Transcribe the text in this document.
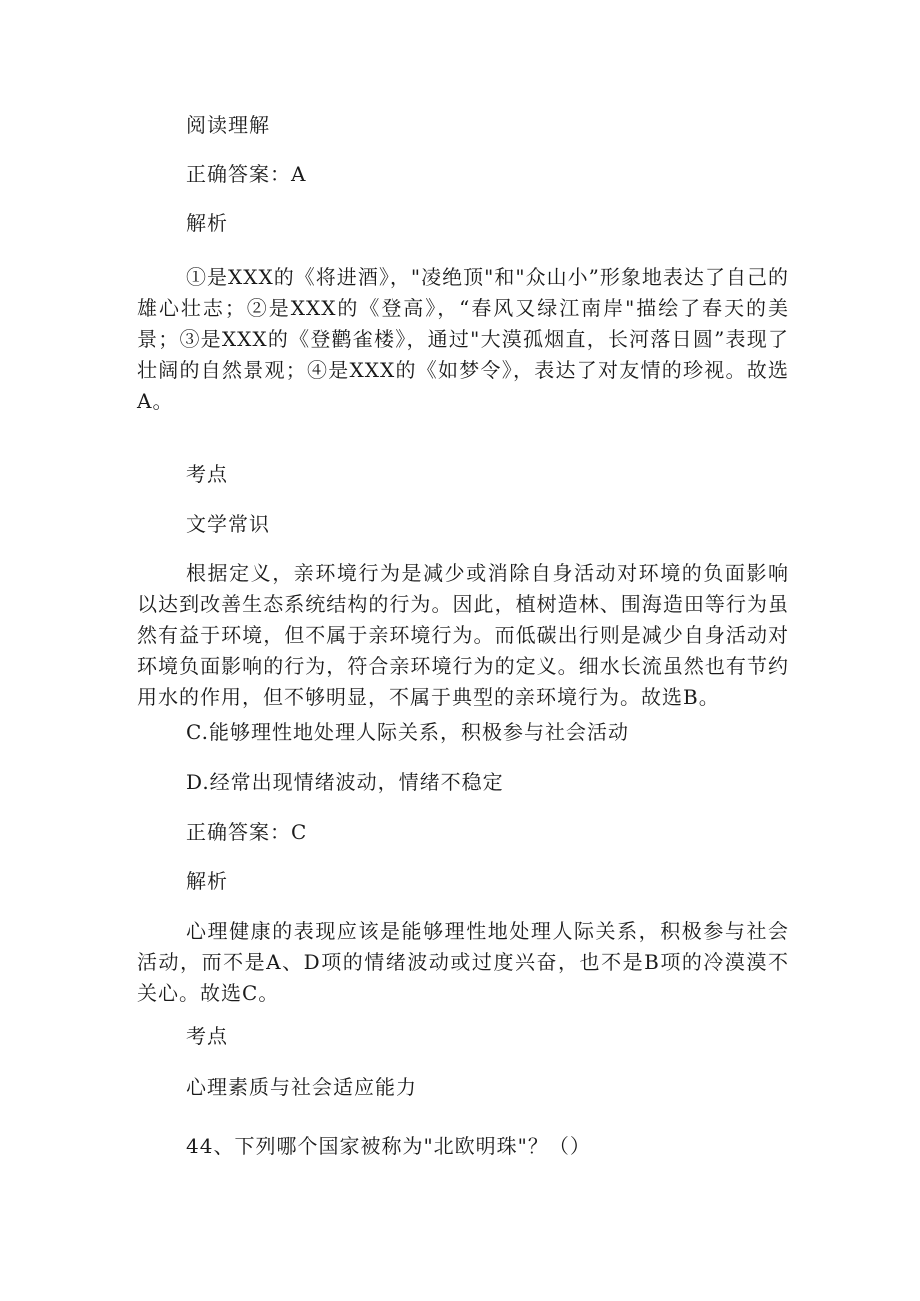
阅读理解
正确答案：A
解析
①是XXX的《将进酒》，"凌绝顶"和"众山小”形象地表达了自己的雄心壮志；②是XXX的《登高》，“春风又绿江南岸"描绘了春天的美景；③是XXX的《登鹳雀楼》，通过"大漠孤烟直，长河落日圆”表现了壮阔的自然景观；④是XXX的《如梦令》，表达了对友情的珍视。故选A。
考点
文学常识
根据定义，亲环境行为是减少或消除自身活动对环境的负面影响以达到改善生态系统结构的行为。因此，植树造林、围海造田等行为虽然有益于环境，但不属于亲环境行为。而低碳出行则是减少自身活动对环境负面影响的行为，符合亲环境行为的定义。细水长流虽然也有节约用水的作用，但不够明显，不属于典型的亲环境行为。故选B。
C.能够理性地处理人际关系，积极参与社会活动
D.经常出现情绪波动，情绪不稳定
正确答案：C
解析
心理健康的表现应该是能够理性地处理人际关系，积极参与社会活动，而不是A、D项的情绪波动或过度兴奋，也不是B项的冷漠漠不关心。故选C。
考点
心理素质与社会适应能力
44、下列哪个国家被称为"北欧明珠"？（）
